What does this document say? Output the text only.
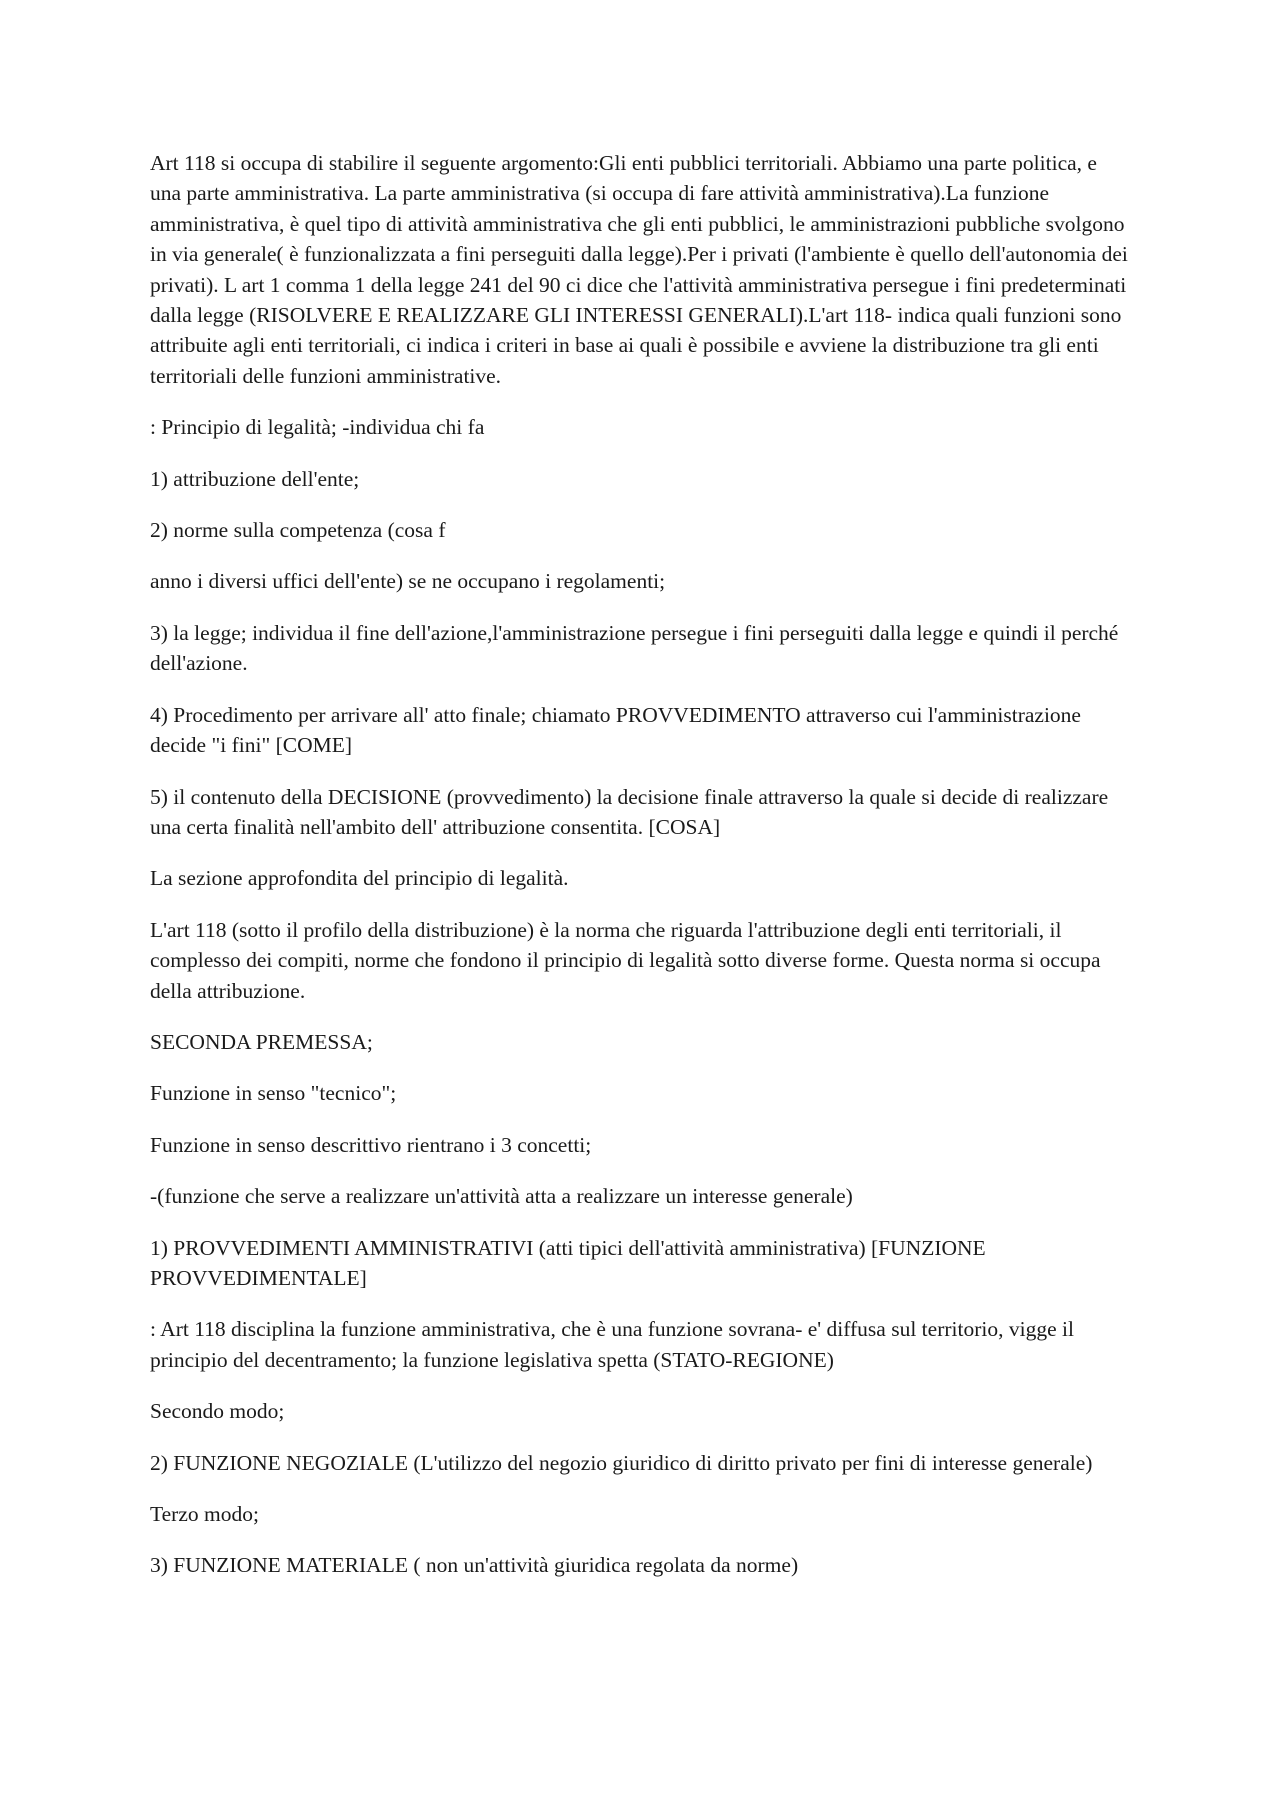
Art 118 si occupa di stabilire il seguente argomento:Gli enti pubblici territoriali. Abbiamo una parte politica, e una parte amministrativa. La parte amministrativa (si occupa di fare attività amministrativa).La funzione amministrativa, è quel tipo di attività amministrativa che gli enti pubblici, le amministrazioni pubbliche svolgono in via generale( è funzionalizzata a fini perseguiti dalla legge).Per i privati (l'ambiente è quello dell'autonomia dei privati). L art 1 comma 1 della legge 241 del 90 ci dice che l'attività amministrativa persegue i fini predeterminati dalla legge (RISOLVERE E REALIZZARE GLI INTERESSI GENERALI).L'art 118- indica quali funzioni sono attribuite agli enti territoriali, ci indica i criteri in base ai quali è possibile e avviene la distribuzione tra gli enti territoriali delle funzioni amministrative.

: Principio di legalità; -individua chi fa

1) attribuzione dell'ente;

2) norme sulla competenza (cosa f

anno i diversi uffici dell'ente) se ne occupano i regolamenti;

3) la legge; individua il fine dell'azione,l'amministrazione persegue i fini perseguiti dalla legge e quindi il perché dell'azione.

4) Procedimento per arrivare all' atto finale; chiamato PROVVEDIMENTO attraverso cui l'amministrazione decide "i fini" [COME]

5) il contenuto della DECISIONE (provvedimento) la decisione finale attraverso la quale si decide di realizzare una certa finalità nell'ambito dell' attribuzione consentita. [COSA]

La sezione approfondita del principio di legalità.

L'art 118 (sotto il profilo della distribuzione) è la norma che riguarda l'attribuzione degli enti territoriali, il complesso dei compiti, norme che fondono il principio di legalità sotto diverse forme. Questa norma si occupa della attribuzione.

SECONDA PREMESSA;

Funzione in senso "tecnico";

Funzione in senso descrittivo rientrano i 3 concetti;

-(funzione che serve a realizzare un'attività atta a realizzare un interesse generale)

1) PROVVEDIMENTI AMMINISTRATIVI (atti tipici dell'attività amministrativa) [FUNZIONE PROVVEDIMENTALE]

: Art 118 disciplina la funzione amministrativa, che è una funzione sovrana- e' diffusa sul territorio, vigge il principio del decentramento; la funzione legislativa spetta (STATO-REGIONE)

Secondo modo;

2) FUNZIONE NEGOZIALE (L'utilizzo del negozio giuridico di diritto privato per fini di interesse generale)

Terzo modo;

3) FUNZIONE MATERIALE ( non un'attività giuridica regolata da norme)
